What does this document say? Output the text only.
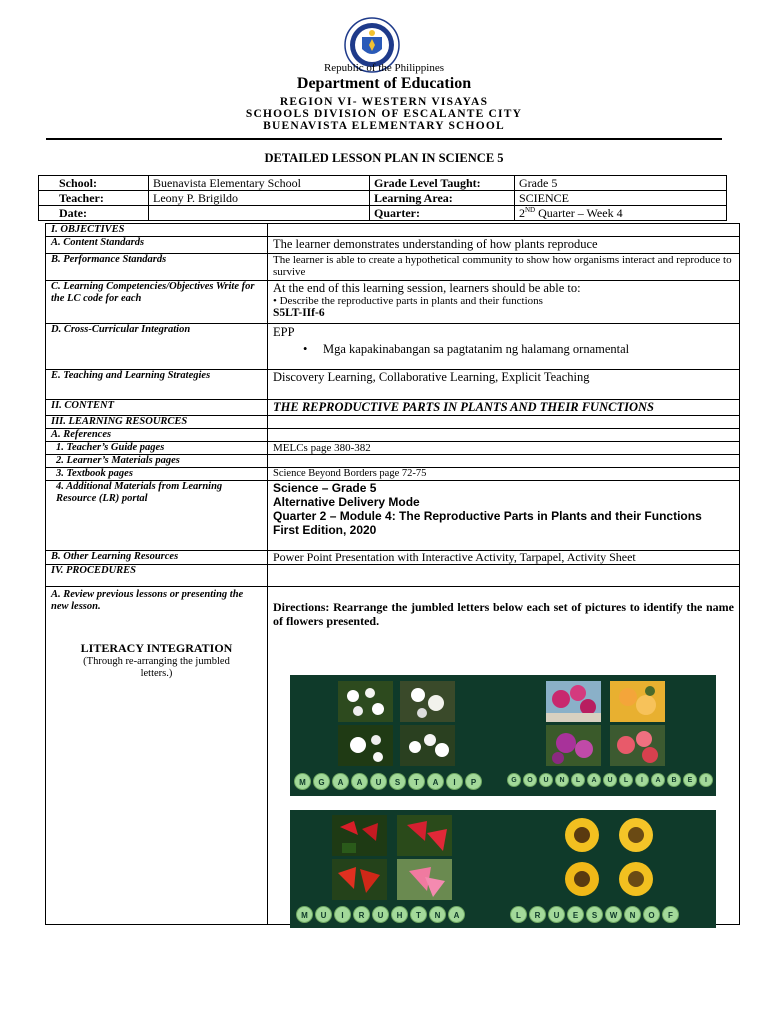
Republic of the Philippines
Department of Education
REGION VI- WESTERN VISAYAS
SCHOOLS DIVISION OF ESCALANTE CITY
BUENAVISTA ELEMENTARY SCHOOL
DETAILED LESSON PLAN IN SCIENCE 5
School:	Buenavista Elementary School	Grade Level Taught:	Grade 5
Teacher:	Leony P. Brigildo	Learning Area:	SCIENCE
Date:		Quarter:	2ND Quarter – Week 4
I. OBJECTIVES	
A. Content Standards	The learner demonstrates understanding of how plants reproduce
B. Performance Standards	The learner is able to create a hypothetical community to show how organisms interact and reproduce to survive
C. Learning Competencies/Objectives Write for the LC code for each	At the end of this learning session, learners should be able to:
• Describe the reproductive parts in plants and their functions
S5LT-IIf-6

D. Cross-Curricular Integration	EPP
• Mga kapakinabangan sa pagtatanim ng halamang ornamental

E. Teaching and Learning Strategies	Discovery Learning, Collaborative Learning, Explicit Teaching
II. CONTENT	THE REPRODUCTIVE PARTS IN PLANTS AND THEIR FUNCTIONS
III. LEARNING RESOURCES	
A. References	
1. Teacher’s Guide pages	MELCs page 380-382
2. Learner’s Materials pages	
3. Textbook pages	Science Beyond Borders page 72-75
4. Additional Materials from Learning Resource (LR) portal	Science – Grade 5
Alternative Delivery Mode
Quarter 2 – Module 4: The Reproductive Parts in Plants and their Functions
First Edition, 2020

B. Other Learning Resources	Power Point Presentation with Interactive Activity, Tarpapel, Activity Sheet
IV. PROCEDURES	

A. Review previous lessons or presenting the new lesson.
LITERACY INTEGRATION
(Through re-arranging the jumbled letters.)	Directions: Rearrange the jumbled letters below each set of pictures to identify the name of flowers presented.
M	G	A	A	U	S	T	A	I	P	G	O	U	N	L	A	U	L	I	A	B	E	I
M	U	I	R	U	H	T	N	A	L	R	U	E	S	W	N	O	F
